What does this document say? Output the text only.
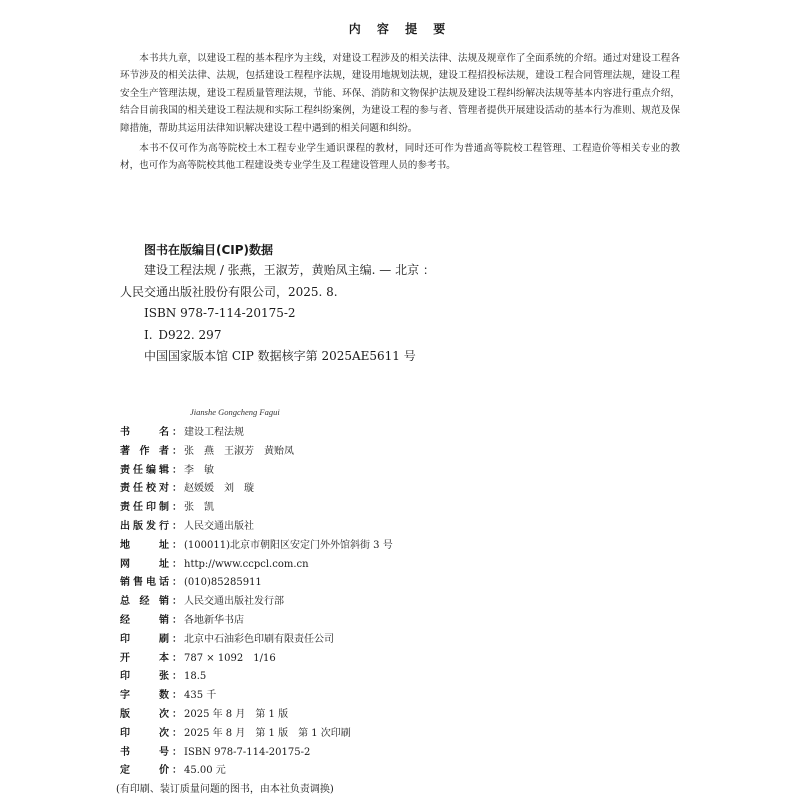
内 容 提 要

本书共九章，以建设工程的基本程序为主线，对建设工程涉及的相关法律、法规及规章作了全面系统的介绍。通过对建设工程各环节涉及的相关法律、法规，包括建设工程程序法规，建设用地规划法规，建设工程招投标法规，建设工程合同管理法规，建设工程安全生产管理法规，建设工程质量管理法规，节能、环保、消防和文物保护法规及建设工程纠纷解决法规等基本内容进行重点介绍，结合目前我国的相关建设工程法规和实际工程纠纷案例，为建设工程的参与者、管理者提供开展建设活动的基本行为准则、规范及保障措施，帮助其运用法律知识解决建设工程中遇到的相关问题和纠纷。

本书不仅可作为高等院校土木工程专业学生通识课程的教材，同时还可作为普通高等院校工程管理、工程造价等相关专业的教材，也可作为高等院校其他工程建设类专业学生及工程建设管理人员的参考书。

图书在版编目(CIP)数据
建设工程法规 / 张燕，王淑芳，黄贻凤主编. — 北京 ：
人民交通出版社股份有限公司，2025. 8.
ISBN 978-7-114-20175-2
Ⅰ. D922. 297
中国国家版本馆 CIP 数据核字第 2025AE5611 号
Jianshe Gongcheng Fagui
书　　名： 建设工程法规
著 作 者： 张　燕　王淑芳　黄贻凤
责任编辑： 李　敏
责任校对： 赵媛媛　刘　璇
责任印制： 张　凯
出版发行： 人民交通出版社
地　　址： (100011)北京市朝阳区安定门外外馆斜街 3 号
网　　址： http://www.ccpcl.com.cn
销售电话： (010)85285911
总 经 销： 人民交通出版社发行部
经　　销： 各地新华书店
印　　刷： 北京中石油彩色印刷有限责任公司
开　　本： 787 × 1092　1/16
印　　张： 18.5
字　　数： 435 千
版　　次： 2025 年 8 月　第 1 版
印　　次： 2025 年 8 月　第 1 版　第 1 次印刷
书　　号： ISBN 978-7-114-20175-2
定　　价： 45.00 元
(有印刷、装订质量问题的图书，由本社负责调换)
